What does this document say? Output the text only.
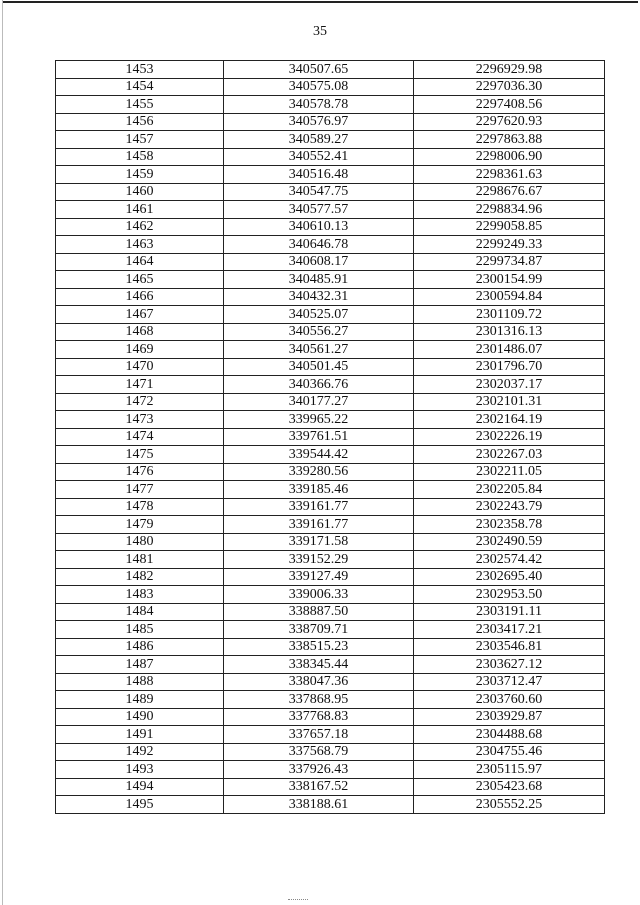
35
1453	340507.65	2296929.98
1454	340575.08	2297036.30
1455	340578.78	2297408.56
1456	340576.97	2297620.93
1457	340589.27	2297863.88
1458	340552.41	2298006.90
1459	340516.48	2298361.63
1460	340547.75	2298676.67
1461	340577.57	2298834.96
1462	340610.13	2299058.85
1463	340646.78	2299249.33
1464	340608.17	2299734.87
1465	340485.91	2300154.99
1466	340432.31	2300594.84
1467	340525.07	2301109.72
1468	340556.27	2301316.13
1469	340561.27	2301486.07
1470	340501.45	2301796.70
1471	340366.76	2302037.17
1472	340177.27	2302101.31
1473	339965.22	2302164.19
1474	339761.51	2302226.19
1475	339544.42	2302267.03
1476	339280.56	2302211.05
1477	339185.46	2302205.84
1478	339161.77	2302243.79
1479	339161.77	2302358.78
1480	339171.58	2302490.59
1481	339152.29	2302574.42
1482	339127.49	2302695.40
1483	339006.33	2302953.50
1484	338887.50	2303191.11
1485	338709.71	2303417.21
1486	338515.23	2303546.81
1487	338345.44	2303627.12
1488	338047.36	2303712.47
1489	337868.95	2303760.60
1490	337768.83	2303929.87
1491	337657.18	2304488.68
1492	337568.79	2304755.46
1493	337926.43	2305115.97
1494	338167.52	2305423.68
1495	338188.61	2305552.25
